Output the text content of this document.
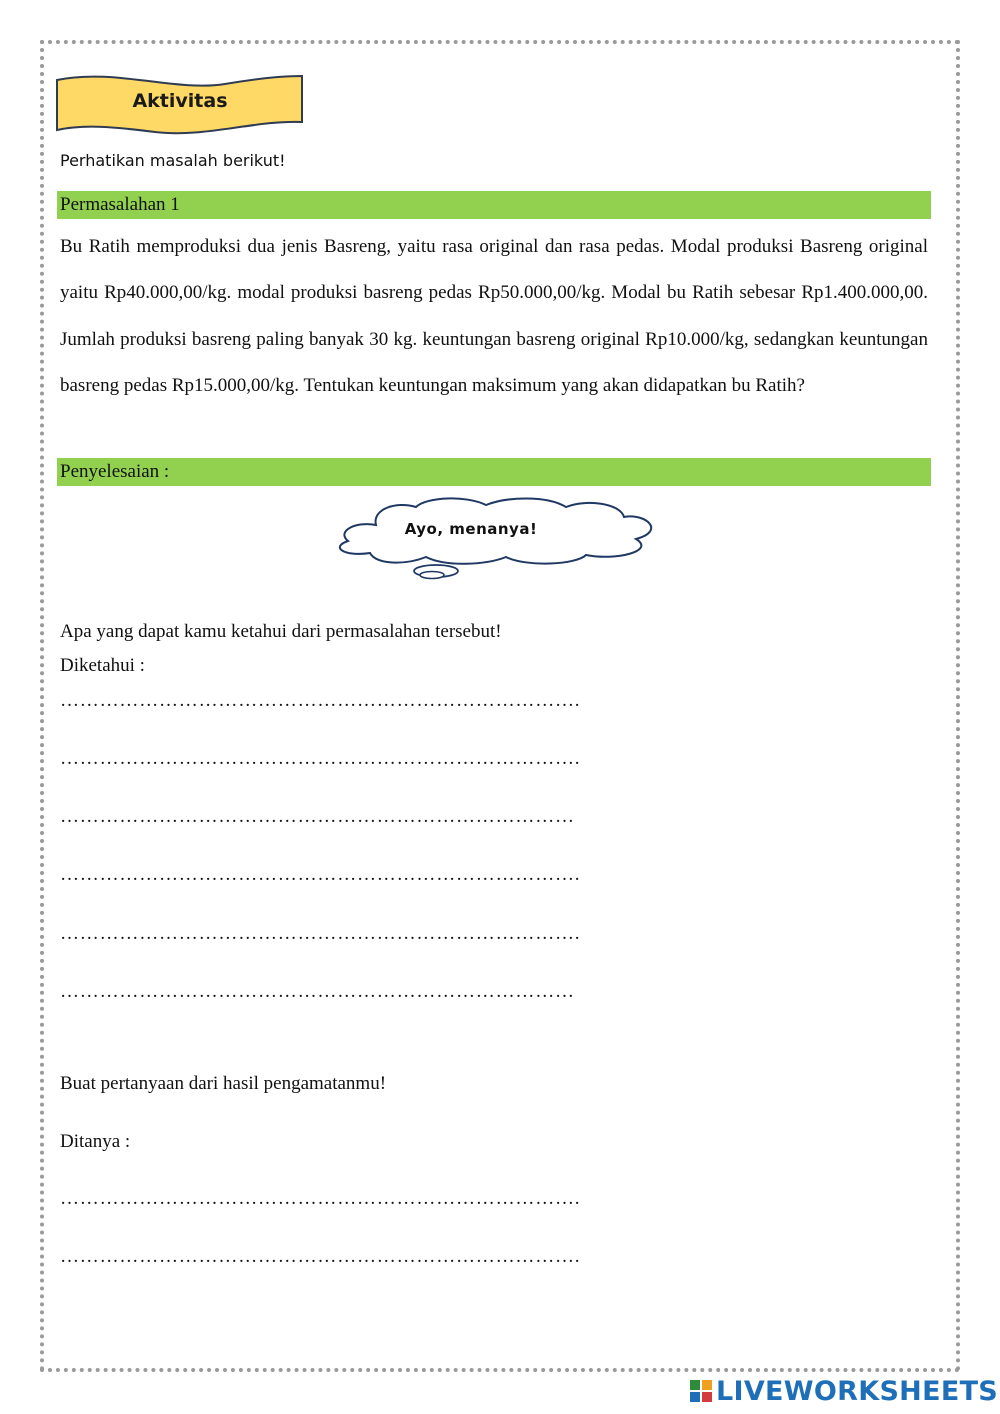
Aktivitas
Perhatikan masalah berikut!
Permasalahan 1
Bu Ratih memproduksi dua jenis Basreng, yaitu rasa original dan rasa pedas. Modal produksi Basreng original yaitu Rp40.000,00/kg. modal produksi basreng pedas Rp50.000,00/kg. Modal bu Ratih sebesar Rp1.400.000,00. Jumlah produksi basreng paling banyak 30 kg. keuntungan basreng original Rp10.000/kg, sedangkan keuntungan basreng pedas Rp15.000,00/kg. Tentukan keuntungan maksimum yang akan didapatkan bu Ratih?
Penyelesaian :
Ayo, menanya!
Apa yang dapat kamu ketahui dari permasalahan tersebut!
Diketahui :
…………………………………………………………………….
…………………………………………………………………….
……………………………………………………………………
…………………………………………………………………….
…………………………………………………………………….
……………………………………………………………………
Buat pertanyaan dari hasil pengamatanmu!
Ditanya :
…………………………………………………………………….
…………………………………………………………………….
LIVEWORKSHEETS
